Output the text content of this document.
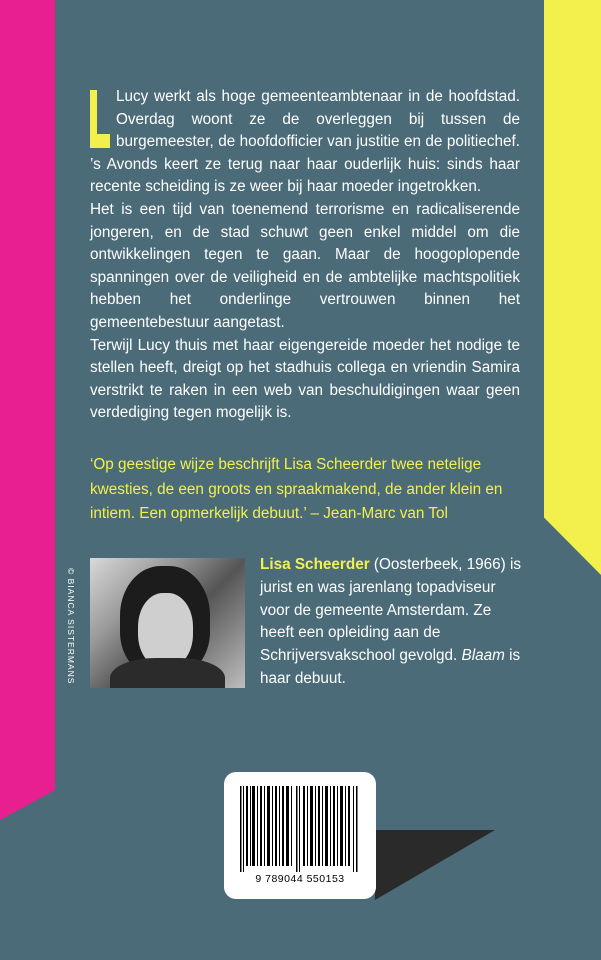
Lucy werkt als hoge gemeenteambtenaar in de hoofdstad. Overdag woont ze de overleggen bij tussen de burgemeester, de hoofdofficier van justitie en de politiechef. ’s Avonds keert ze terug naar haar ouderlijk huis: sinds haar recente scheiding is ze weer bij haar moeder ingetrokken.

Het is een tijd van toenemend terrorisme en radicaliserende jongeren, en de stad schuwt geen enkel middel om die ontwikkelingen tegen te gaan. Maar de hoogoplopende spanningen over de veiligheid en de ambtelijke machtspolitiek hebben het onderlinge vertrouwen binnen het gemeentebestuur aangetast.

Terwijl Lucy thuis met haar eigengereide moeder het nodige te stellen heeft, dreigt op het stadhuis collega en vriendin Samira verstrikt te raken in een web van beschuldigingen waar geen verdediging tegen mogelijk is.

‘Op geestige wijze beschrijft Lisa Scheerder twee netelige kwesties, de een groots en spraakmakend, de ander klein en intiem. Een opmerkelijk debuut.’ – Jean-Marc van Tol

© BIANCA SISTERMANS
Lisa Scheerder (Oosterbeek, 1966) is jurist en was jarenlang topadviseur voor de gemeente Amsterdam. Ze heeft een opleiding aan de Schrijversvakschool gevolgd. Blaam is haar debuut.
9 789044 550153
